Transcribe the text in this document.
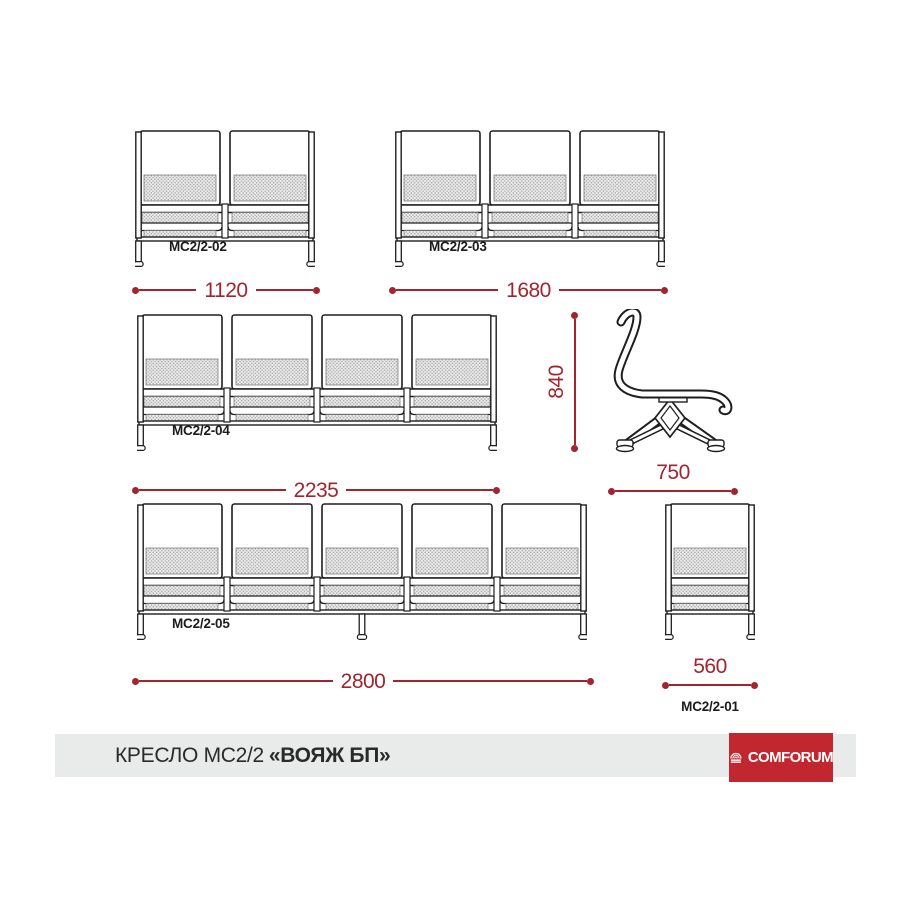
МС2/2-02	МС2/2-03
МС2/2-04
МС2/2-05
МС2/2-01
1120	1680
2235
2800
840
750
560
КРЕСЛО МС2/2 «ВОЯЖ БП»	COMFORUM
